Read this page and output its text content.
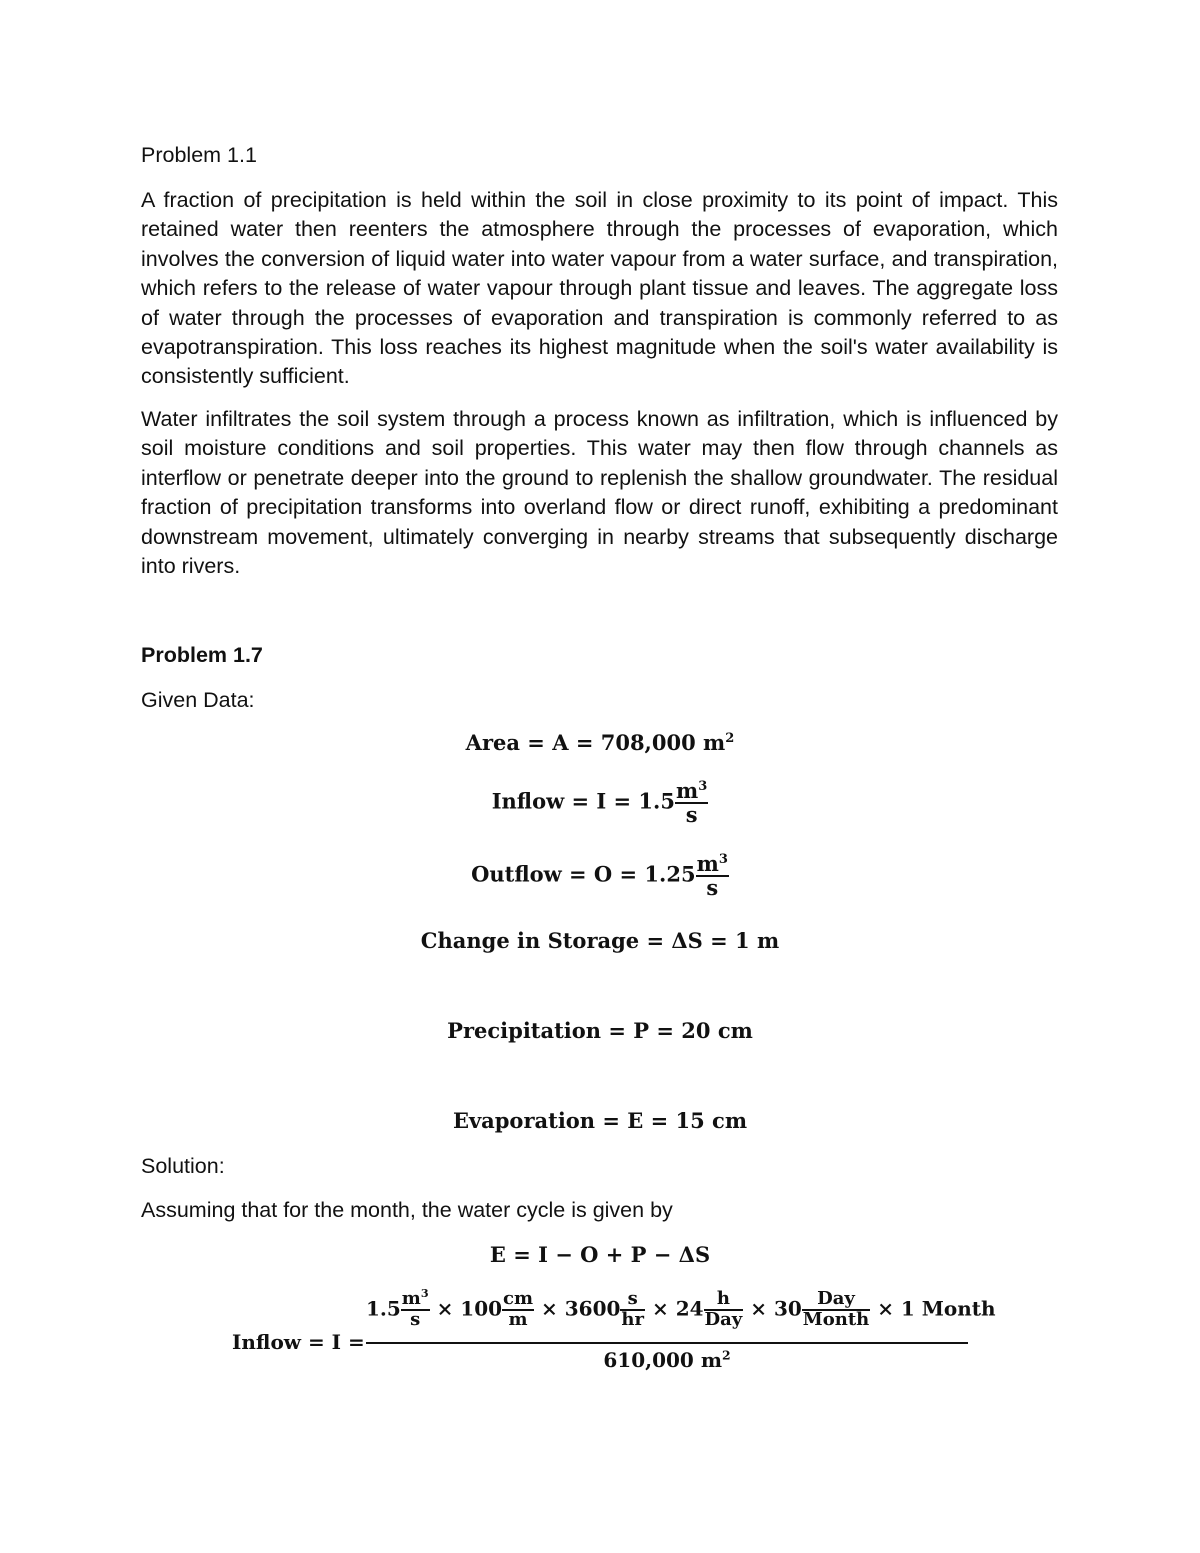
Problem 1.1

A fraction of precipitation is held within the soil in close proximity to its point of impact. This retained water then reenters the atmosphere through the processes of evaporation, which involves the conversion of liquid water into water vapour from a water surface, and transpiration, which refers to the release of water vapour through plant tissue and leaves. The aggregate loss of water through the processes of evaporation and transpiration is commonly referred to as evapotranspiration. This loss reaches its highest magnitude when the soil's water availability is consistently sufficient.

Water infiltrates the soil system through a process known as infiltration, which is influenced by soil moisture conditions and soil properties. This water may then flow through channels as interflow or penetrate deeper into the ground to replenish the shallow groundwater. The residual fraction of precipitation transforms into overland flow or direct runoff, exhibiting a predominant downstream movement, ultimately converging in nearby streams that subsequently discharge into rivers.

Problem 1.7

Given Data:

Area = A = 708,000 $m^2$
Inflow = $I = 1.5 \frac{m^3}{s}$
Outflow = $O = 1.25 \frac{m^3}{s}$
Change in Storage = ΔS = 1 m
Precipitation = P = 20 cm
Evaporation = E = 15 cm

Solution:

Assuming that for the month, the water cycle is given by

E = I − O + P − ΔS
Inflow = I =
$1.5 \frac{m^3}{s} \times 100 \frac{cm}{m} \times 3600 \frac{s}{hr} \times 24 \frac{h}{\text{Day}} \times 30 \frac{\text{Day}}{\text{Month}} \times 1$ Month
610,000 $m^2$
